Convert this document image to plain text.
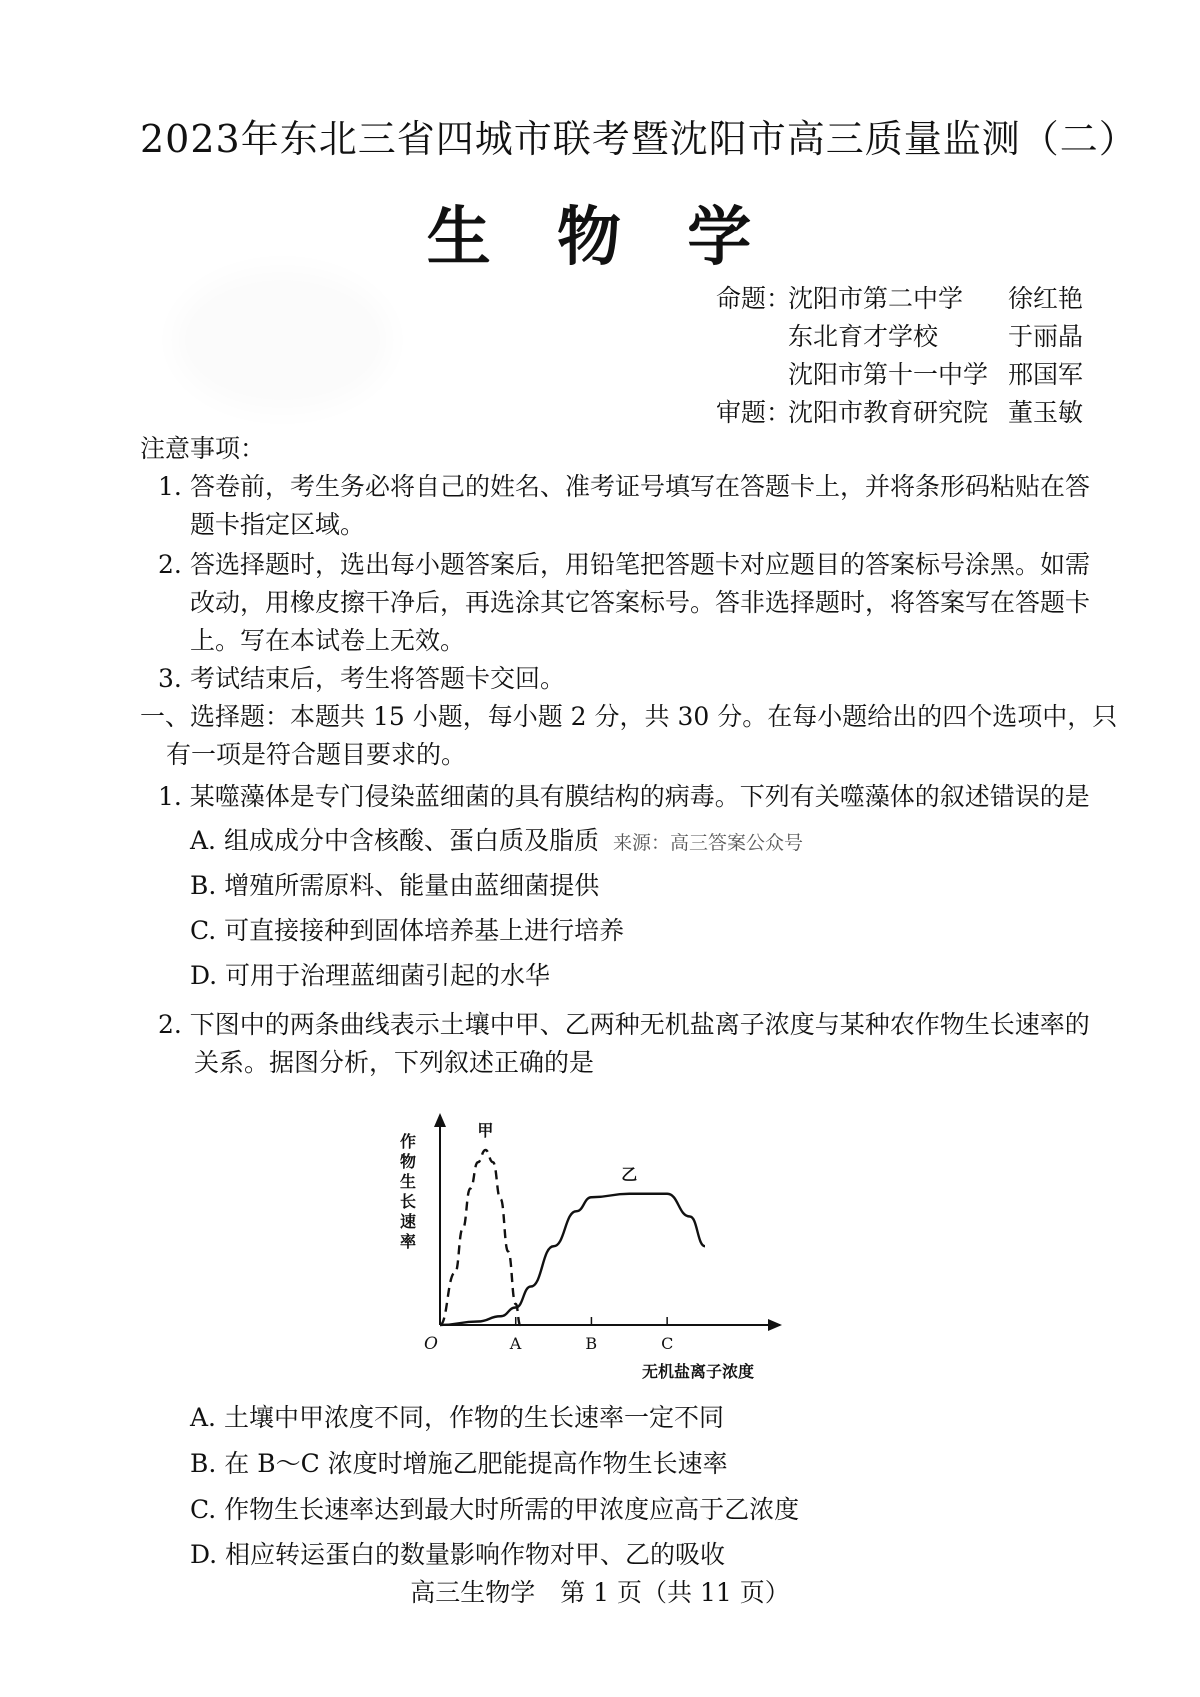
2023年东北三省四城市联考暨沈阳市高三质量监测（二）
生 物 学
命题：
沈阳市第二中学	徐红艳
东北育才学校	于丽晶
沈阳市第十一中学 邢国军
审题：
沈阳市教育研究院 董玉敏
注意事项：
1. 答卷前，考生务必将自己的姓名、准考证号填写在答题卡上，并将条形码粘贴在答
题卡指定区域。
2. 答选择题时，选出每小题答案后，用铅笔把答题卡对应题目的答案标号涂黑。如需
改动，用橡皮擦干净后，再选涂其它答案标号。答非选择题时，将答案写在答题卡
上。写在本试卷上无效。
3. 考试结束后，考生将答题卡交回。
一、选择题：本题共 15 小题，每小题 2 分，共 30 分。在每小题给出的四个选项中，只
有一项是符合题目要求的。
1. 某噬藻体是专门侵染蓝细菌的具有膜结构的病毒。下列有关噬藻体的叙述错误的是
A. 组成成分中含核酸、蛋白质及脂质 来源：高三答案公众号
B. 增殖所需原料、能量由蓝细菌提供
C. 可直接接种到固体培养基上进行培养
D. 可用于治理蓝细菌引起的水华
2. 下图中的两条曲线表示土壤中甲、乙两种无机盐离子浓度与某种农作物生长速率的
关系。据图分析，下列叙述正确的是
作
物
生
长
速
率
O	A	B	C
无机盐离子浓度
甲
乙
A. 土壤中甲浓度不同，作物的生长速率一定不同
B. 在 B～C 浓度时增施乙肥能提高作物生长速率
C. 作物生长速率达到最大时所需的甲浓度应高于乙浓度
D. 相应转运蛋白的数量影响作物对甲、乙的吸收
高三生物学　第 1 页（共 11 页）
